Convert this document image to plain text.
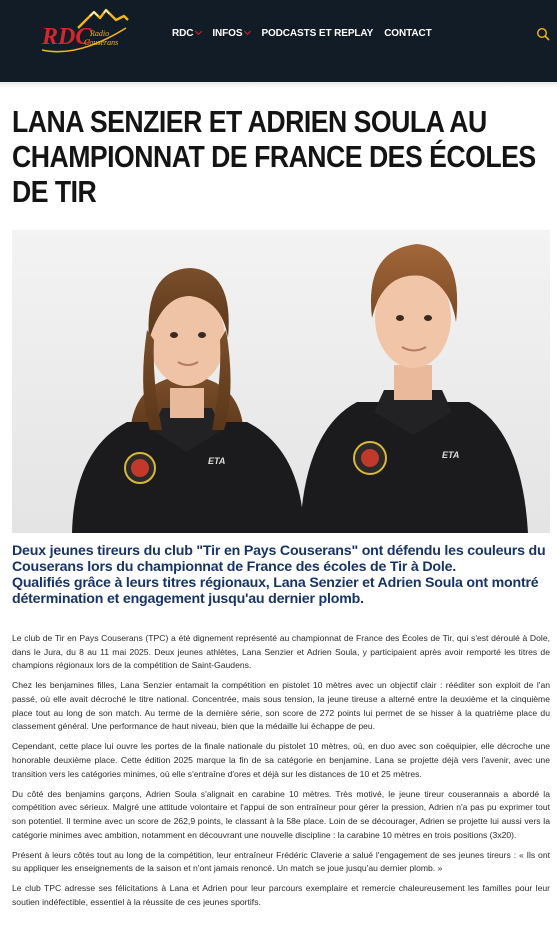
RDC
Radio
Couserans
RDC INFOS PODCASTS ET REPLAY CONTACT
LANA SENZIER ET ADRIEN SOULA AU CHAMPIONNAT DE FRANCE DES ÉCOLES DE TIR
ETA
ETA

Deux jeunes tireurs du club "Tir en Pays Couserans" ont défendu les couleurs du Couserans lors du championnat de France des écoles de Tir à Dole.

Qualifiés grâce à leurs titres régionaux, Lana Senzier et Adrien Soula ont montré détermination et engagement jusqu'au dernier plomb.

Le club de Tir en Pays Couserans (TPC) a été dignement représenté au championnat de France des Écoles de Tir, qui s'est déroulé à Dole, dans le Jura, du 8 au 11 mai 2025. Deux jeunes athlètes, Lana Senzier et Adrien Soula, y participaient après avoir remporté les titres de champions régionaux lors de la compétition de Saint-Gaudens.

Chez les benjamines filles, Lana Senzier entamait la compétition en pistolet 10 mètres avec un objectif clair : rééditer son exploit de l'an passé, où elle avait décroché le titre national. Concentrée, mais sous tension, la jeune tireuse a alterné entre la deuxième et la cinquième place tout au long de son match. Au terme de la dernière série, son score de 272 points lui permet de se hisser à la quatrième place du classement général. Une performance de haut niveau, bien que la médaille lui échappe de peu.

Cependant, cette place lui ouvre les portes de la finale nationale du pistolet 10 mètres, où, en duo avec son coéquipier, elle décroche une honorable deuxième place. Cette édition 2025 marque la fin de sa catégorie en benjamine. Lana se projette déjà vers l'avenir, avec une transition vers les catégories minimes, où elle s'entraîne d'ores et déjà sur les distances de 10 et 25 mètres.

Du côté des benjamins garçons, Adrien Soula s'alignait en carabine 10 mètres. Très motivé, le jeune tireur couserannais a abordé la compétition avec sérieux. Malgré une attitude volontaire et l'appui de son entraîneur pour gérer la pression, Adrien n'a pas pu exprimer tout son potentiel. Il termine avec un score de 262,9 points, le classant à la 58e place. Loin de se décourager, Adrien se projette lui aussi vers la catégorie minimes avec ambition, notamment en découvrant une nouvelle discipline : la carabine 10 mètres en trois positions (3x20).

Présent à leurs côtés tout au long de la compétition, leur entraîneur Frédéric Claverie a salué l'engagement de ses jeunes tireurs : « Ils ont su appliquer les enseignements de la saison et n'ont jamais renoncé. Un match se joue jusqu'au dernier plomb. »

Le club TPC adresse ses félicitations à Lana et Adrien pour leur parcours exemplaire et remercie chaleureusement les familles pour leur soutien indéfectible, essentiel à la réussite de ces jeunes sportifs.
